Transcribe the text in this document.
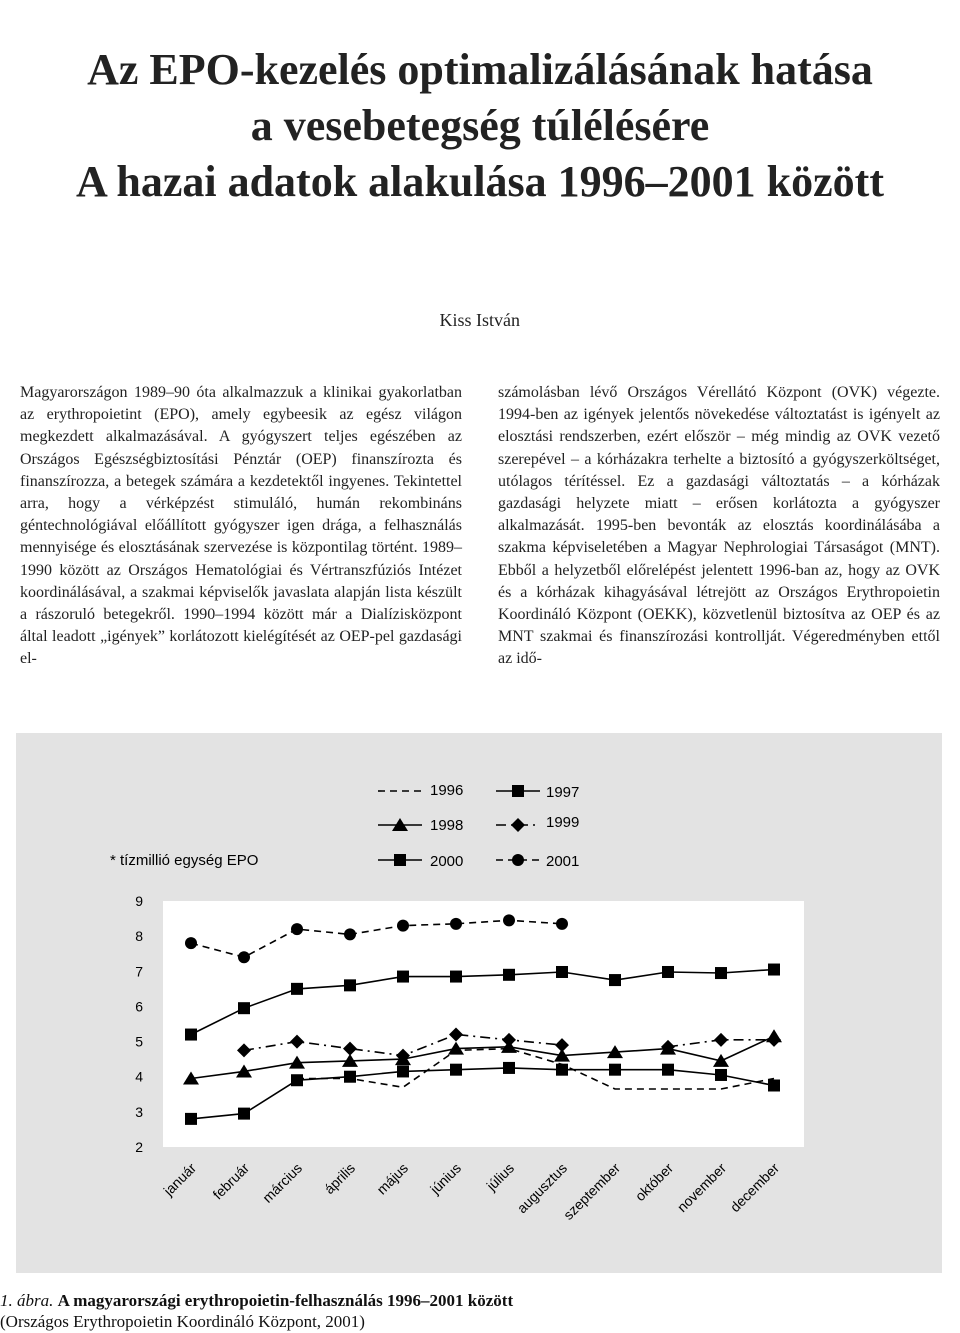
Az EPO-kezelés optimalizálásának hatása
a vesebetegség túlélésére
A hazai adatok alakulása 1996–2001 között
Kiss István

Magyarországon 1989–90 óta alkalmazzuk a klinikai gyakorlatban az erythropoietint (EPO), amely egybeesik az egész világon megkezdett alkalmazásával. A gyógyszert teljes egészében az Országos Egészségbiztosítási Pénztár (OEP) finanszírozta és finanszírozza, a betegek számára a kezdetektől ingyenes. Tekintettel arra, hogy a vérképzést stimuláló, humán rekombináns géntechnológiával előállított gyógyszer igen drága, a felhasználás mennyisége és elosztásának szervezése is központilag történt. 1989–1990 között az Országos Hematológiai és Vértranszfúziós Intézet koordinálásával, a szakmai képviselők javaslata alapján lista készült a rászoruló betegekről. 1990–1994 között már a Dialízisközpont által leadott „igények” korlátozott kielégítését az OEP-pel gazdasági el-

számolásban lévő Országos Vérellátó Központ (OVK) végezte. 1994-ben az igények jelentős növekedése változtatást is igényelt az elosztási rendszerben, ezért először – még mindig az OVK vezető szerepével – a kórházakra terhelte a biztosító a gyógyszerköltséget, utólagos térítéssel. Ez a gazdasági változtatás – a kórházak gazdasági helyzete miatt – erősen korlátozta a gyógyszer alkalmazását. 1995-ben bevonták az elosztás koordinálásába a szakma képviseletében a Magyar Nephrologiai Társaságot (MNT). Ebből a helyzetből előrelépést jelentett 1996-ban az, hogy az OVK és a kórházak kihagyásával létrejött az Országos Erythropoietin Koordináló Központ (OEKK), közvetlenül biztosítva az OEP és az MNT szakmai és finanszírozási kontrollját. Végeredményben ettől az idő-

2
3
4
5
6
7
8
9
* tízmillió egység EPO
január február március április május június július
augusztus
szeptember október
november
december
1996	1997
1998	1999
2000	2001

1. ábra. A magyarországi erythropoietin-felhasználás 1996–2001 között

(Országos Erythropoietin Koordináló Központ, 2001)
